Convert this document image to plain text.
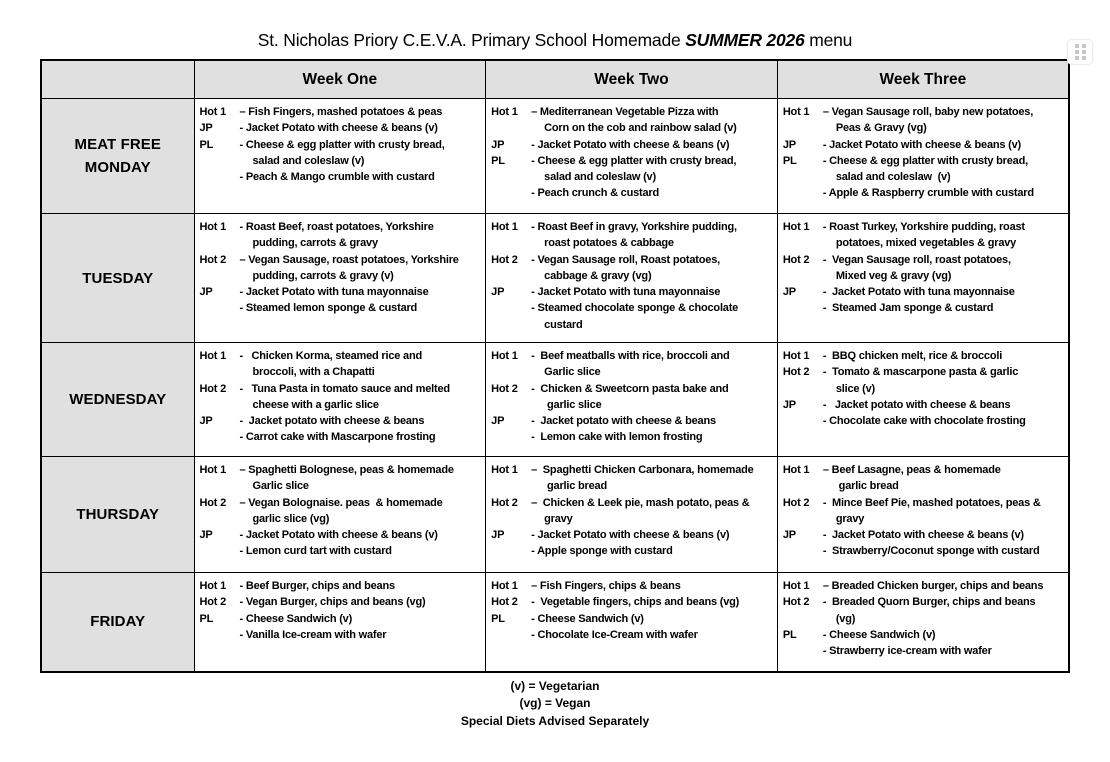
St. Nicholas Priory C.E.V.A. Primary School Homemade SUMMER 2026 menu
	Week One	Week Two	Week Three

MEAT FREE
MONDAY

Hot 1	– Fish Fingers, mashed potatoes & peas
JP	- Jacket Potato with cheese & beans (v)
PL	- Cheese & egg platter with crusty bread,
salad and coleslaw (v)
- Peach & Mango crumble with custard

Hot 1	– Mediterranean Vegetable Pizza with
Corn on the cob and rainbow salad (v)
JP	- Jacket Potato with cheese & beans (v)
PL	- Cheese & egg platter with crusty bread,
salad and coleslaw (v)
- Peach crunch & custard

Hot 1	– Vegan Sausage roll, baby new potatoes,
Peas & Gravy (vg)
JP	- Jacket Potato with cheese & beans (v)
PL	- Cheese & egg platter with crusty bread,
salad and coleslaw  (v)
- Apple & Raspberry crumble with custard

TUESDAY

Hot 1	- Roast Beef, roast potatoes, Yorkshire
pudding, carrots & gravy
Hot 2	– Vegan Sausage, roast potatoes, Yorkshire
pudding, carrots & gravy (v)
JP	- Jacket Potato with tuna mayonnaise
- Steamed lemon sponge & custard

Hot 1	- Roast Beef in gravy, Yorkshire pudding,
roast potatoes & cabbage
Hot 2	- Vegan Sausage roll, Roast potatoes,
cabbage & gravy (vg)
JP	- Jacket Potato with tuna mayonnaise
- Steamed chocolate sponge & chocolate
custard

Hot 1	- Roast Turkey, Yorkshire pudding, roast
potatoes, mixed vegetables & gravy
Hot 2	-  Vegan Sausage roll, roast potatoes,
Mixed veg & gravy (vg)
JP	-  Jacket Potato with tuna mayonnaise
-  Steamed Jam sponge & custard

WEDNESDAY

Hot 1	-   Chicken Korma, steamed rice and
broccoli, with a Chapatti
Hot 2	-   Tuna Pasta in tomato sauce and melted
cheese with a garlic slice
JP	-  Jacket potato with cheese & beans
- Carrot cake with Mascarpone frosting

Hot 1	-  Beef meatballs with rice, broccoli and
Garlic slice
Hot 2	-  Chicken & Sweetcorn pasta bake and
garlic slice
JP	-  Jacket potato with cheese & beans
-  Lemon cake with lemon frosting

Hot 1	-  BBQ chicken melt, rice & broccoli
Hot 2	-  Tomato & mascarpone pasta & garlic
slice (v)
JP	-   Jacket potato with cheese & beans
- Chocolate cake with chocolate frosting

THURSDAY

Hot 1	– Spaghetti Bolognese, peas & homemade
Garlic slice
Hot 2	– Vegan Bolognaise. peas  & homemade
garlic slice (vg)
JP	- Jacket Potato with cheese & beans (v)
- Lemon curd tart with custard

Hot 1	–  Spaghetti Chicken Carbonara, homemade
garlic bread
Hot 2	–  Chicken & Leek pie, mash potato, peas &
gravy
JP	- Jacket Potato with cheese & beans (v)
- Apple sponge with custard

Hot 1	– Beef Lasagne, peas & homemade
garlic bread
Hot 2	-  Mince Beef Pie, mashed potatoes, peas &
gravy
JP	-  Jacket Potato with cheese & beans (v)
-  Strawberry/Coconut sponge with custard

FRIDAY

Hot 1	- Beef Burger, chips and beans
Hot 2	- Vegan Burger, chips and beans (vg)
PL	- Cheese Sandwich (v)
- Vanilla Ice-cream with wafer

Hot 1	– Fish Fingers, chips & beans
Hot 2	-  Vegetable fingers, chips and beans (vg)
PL	- Cheese Sandwich (v)
- Chocolate Ice-Cream with wafer

Hot 1	– Breaded Chicken burger, chips and beans
Hot 2	-  Breaded Quorn Burger, chips and beans
(vg)
PL	- Cheese Sandwich (v)
- Strawberry ice-cream with wafer
(v) = Vegetarian
(vg) = Vegan
Special Diets Advised Separately
